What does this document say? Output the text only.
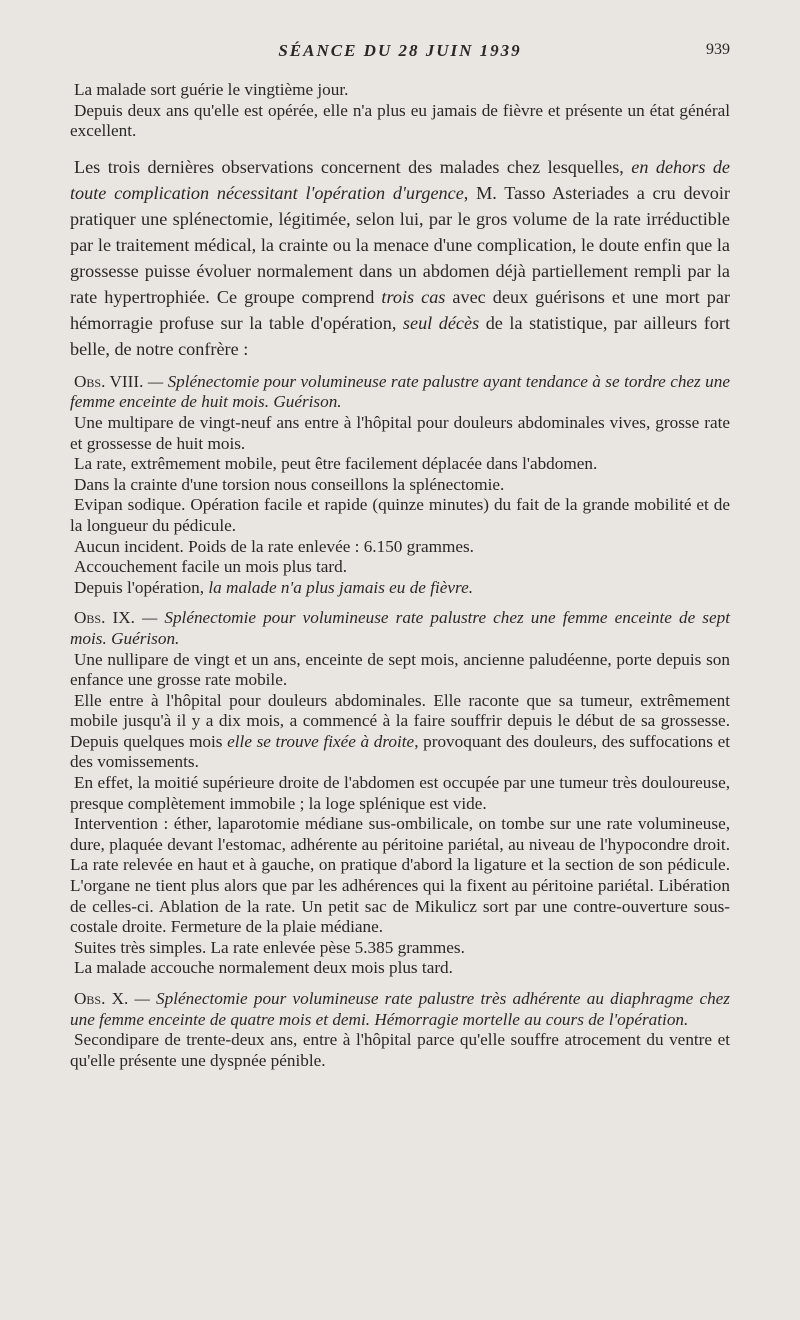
SÉANCE DU 28 JUIN 1939	939

La malade sort guérie le vingtième jour.

Depuis deux ans qu'elle est opérée, elle n'a plus eu jamais de fièvre et présente un état général excellent.

Les trois dernières observations concernent des malades chez lesquelles, en dehors de toute complication nécessitant l'opération d'urgence, M. Tasso Asteriades a cru devoir pratiquer une splénectomie, légitimée, selon lui, par le gros volume de la rate irréductible par le traitement médical, la crainte ou la menace d'une complication, le doute enfin que la grossesse puisse évoluer normalement dans un abdomen déjà partiellement rempli par la rate hypertrophiée. Ce groupe comprend trois cas avec deux guérisons et une mort par hémorragie profuse sur la table d'opération, seul décès de la statistique, par ailleurs fort belle, de notre confrère :

Obs. VIII. — Splénectomie pour volumineuse rate palustre ayant tendance à se tordre chez une femme enceinte de huit mois. Guérison.

Une multipare de vingt-neuf ans entre à l'hôpital pour douleurs abdominales vives, grosse rate et grossesse de huit mois.

La rate, extrêmement mobile, peut être facilement déplacée dans l'abdomen.

Dans la crainte d'une torsion nous conseillons la splénectomie.

Evipan sodique. Opération facile et rapide (quinze minutes) du fait de la grande mobilité et de la longueur du pédicule.

Aucun incident. Poids de la rate enlevée : 6.150 grammes.

Accouchement facile un mois plus tard.

Depuis l'opération, la malade n'a plus jamais eu de fièvre.

Obs. IX. — Splénectomie pour volumineuse rate palustre chez une femme enceinte de sept mois. Guérison.

Une nullipare de vingt et un ans, enceinte de sept mois, ancienne paludéenne, porte depuis son enfance une grosse rate mobile.

Elle entre à l'hôpital pour douleurs abdominales. Elle raconte que sa tumeur, extrêmement mobile jusqu'à il y a dix mois, a commencé à la faire souffrir depuis le début de sa grossesse. Depuis quelques mois elle se trouve fixée à droite, provoquant des douleurs, des suffocations et des vomissements.

En effet, la moitié supérieure droite de l'abdomen est occupée par une tumeur très douloureuse, presque complètement immobile ; la loge splénique est vide.

Intervention : éther, laparotomie médiane sus-ombilicale, on tombe sur une rate volumineuse, dure, plaquée devant l'estomac, adhérente au péritoine pariétal, au niveau de l'hypocondre droit. La rate relevée en haut et à gauche, on pratique d'abord la ligature et la section de son pédicule. L'organe ne tient plus alors que par les adhérences qui la fixent au péritoine pariétal. Libération de celles-ci. Ablation de la rate. Un petit sac de Mikulicz sort par une contre-ouverture sous-costale droite. Fermeture de la plaie médiane.

Suites très simples. La rate enlevée pèse 5.385 grammes.

La malade accouche normalement deux mois plus tard.

Obs. X. — Splénectomie pour volumineuse rate palustre très adhérente au diaphragme chez une femme enceinte de quatre mois et demi. Hémorragie mortelle au cours de l'opération.

Secondipare de trente-deux ans, entre à l'hôpital parce qu'elle souffre atrocement du ventre et qu'elle présente une dyspnée pénible.
